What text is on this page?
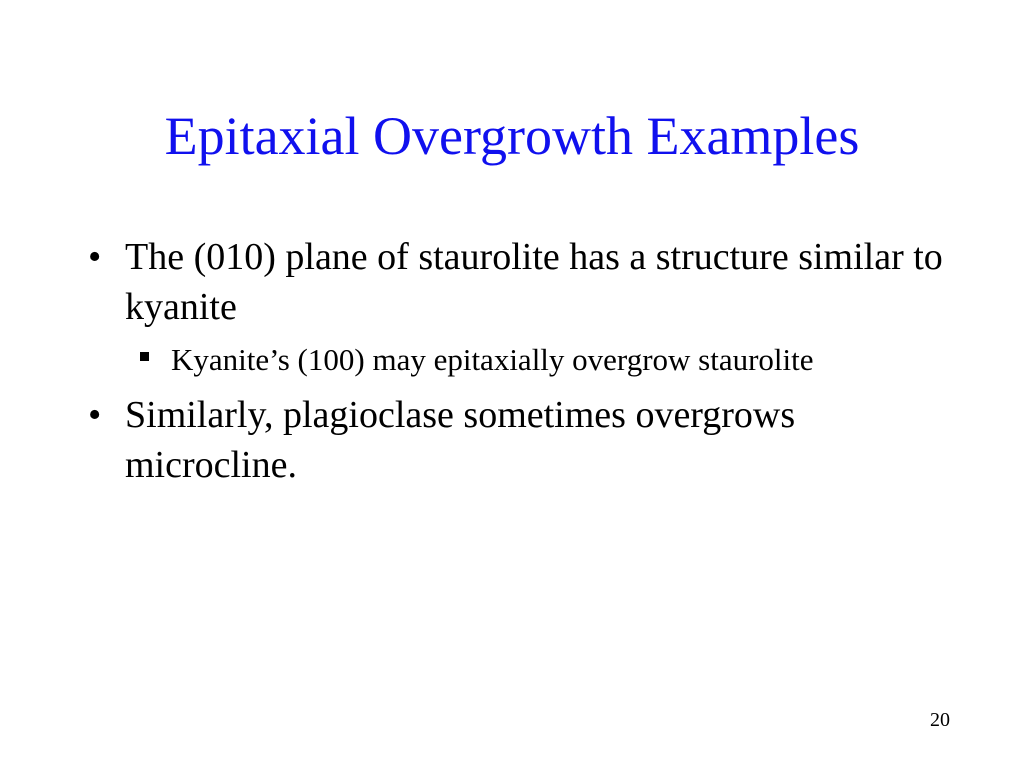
Epitaxial Overgrowth Examples
• The (010) plane of staurolite has a structure similar to kyanite
Kyanite’s (100) may epitaxially overgrow staurolite
• Similarly, plagioclase sometimes overgrows microcline.
20
